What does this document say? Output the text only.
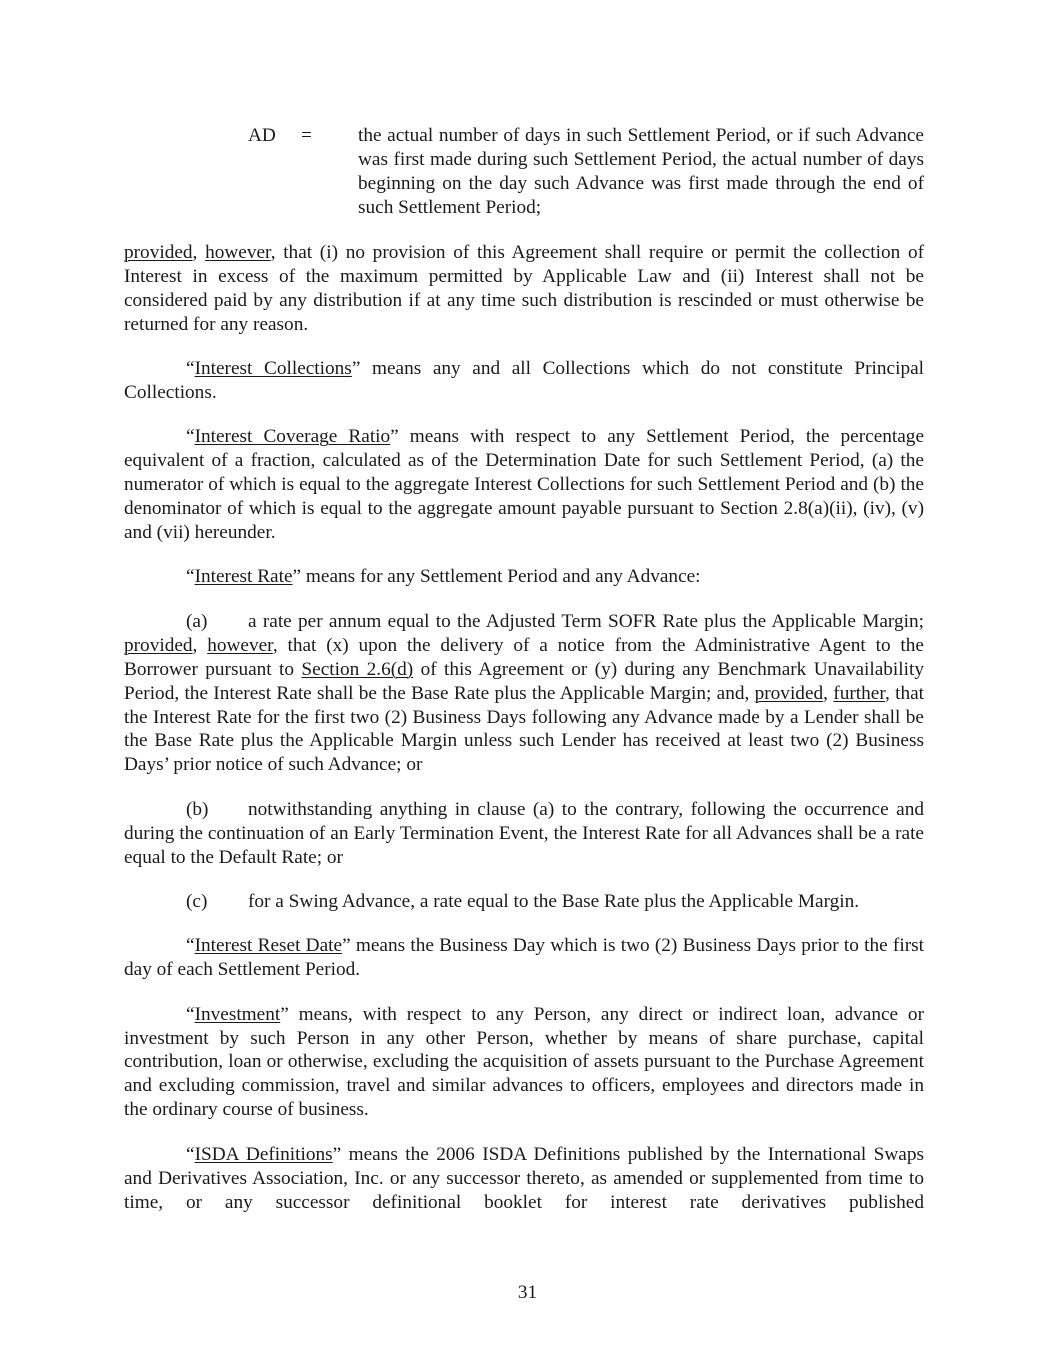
AD = the actual number of days in such Settlement Period, or if such Advance was first made during such Settlement Period, the actual number of days beginning on the day such Advance was first made through the end of such Settlement Period;

provided, however, that (i) no provision of this Agreement shall require or permit the collection of Interest in excess of the maximum permitted by Applicable Law and (ii) Interest shall not be considered paid by any distribution if at any time such distribution is rescinded or must otherwise be returned for any reason.

“Interest Collections” means any and all Collections which do not constitute Principal Collections.

“Interest Coverage Ratio” means with respect to any Settlement Period, the percentage equivalent of a fraction, calculated as of the Determination Date for such Settlement Period, (a) the numerator of which is equal to the aggregate Interest Collections for such Settlement Period and (b) the denominator of which is equal to the aggregate amount payable pursuant to Section 2.8(a)(ii), (iv), (v) and (vii) hereunder.

“Interest Rate” means for any Settlement Period and any Advance:

(a) a rate per annum equal to the Adjusted Term SOFR Rate plus the Applicable Margin; provided, however, that (x) upon the delivery of a notice from the Administrative Agent to the Borrower pursuant to Section 2.6(d) of this Agreement or (y) during any Benchmark Unavailability Period, the Interest Rate shall be the Base Rate plus the Applicable Margin; and, provided, further, that the Interest Rate for the first two (2) Business Days following any Advance made by a Lender shall be the Base Rate plus the Applicable Margin unless such Lender has received at least two (2) Business Days’ prior notice of such Advance; or

(b) notwithstanding anything in clause (a) to the contrary, following the occurrence and during the continuation of an Early Termination Event, the Interest Rate for all Advances shall be a rate equal to the Default Rate; or

(c) for a Swing Advance, a rate equal to the Base Rate plus the Applicable Margin.

“Interest Reset Date” means the Business Day which is two (2) Business Days prior to the first day of each Settlement Period.

“Investment” means, with respect to any Person, any direct or indirect loan, advance or investment by such Person in any other Person, whether by means of share purchase, capital contribution, loan or otherwise, excluding the acquisition of assets pursuant to the Purchase Agreement and excluding commission, travel and similar advances to officers, employees and directors made in the ordinary course of business.

“ISDA Definitions” means the 2006 ISDA Definitions published by the International Swaps and Derivatives Association, Inc. or any successor thereto, as amended or supplemented from time to time, or any successor definitional booklet for interest rate derivatives published

31
